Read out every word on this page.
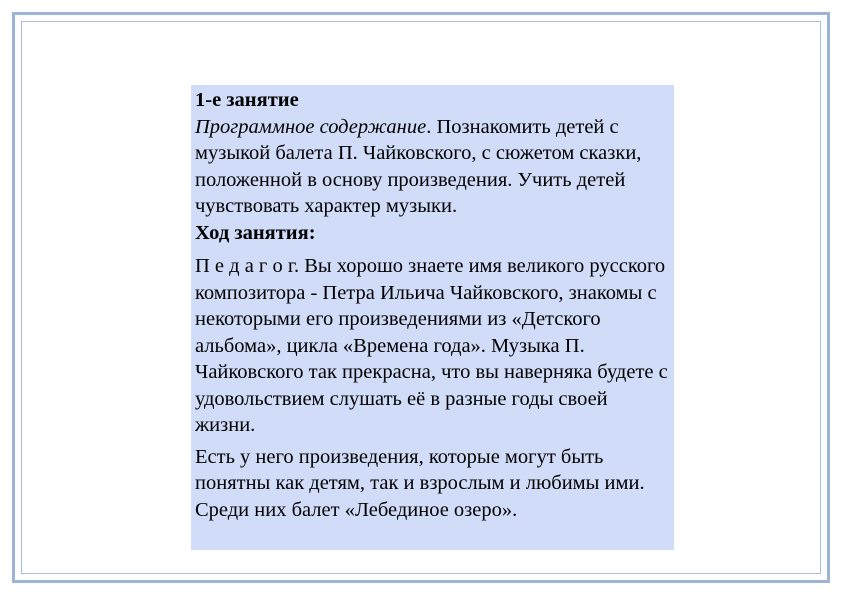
1-е занятие

Программное содержание. Познакомить детей с музыкой балета П. Чайковского, с сюжетом сказки, положенной в основу произведения. Учить детей чувствовать характер музыки.

Ход занятия:

П е д а г о г. Вы хорошо знаете имя великого русского композитора - Петра Ильича Чайковского, знакомы с некоторыми его произведениями из «Детского альбома», цикла «Времена года». Музыка П. Чайковского так прекрасна, что вы наверняка будете с удовольствием слушать её в разные годы своей жизни.

Есть у него произведения, которые могут быть понятны как детям, так и взрослым и любимы ими. Среди них балет «Лебединое озеро».
